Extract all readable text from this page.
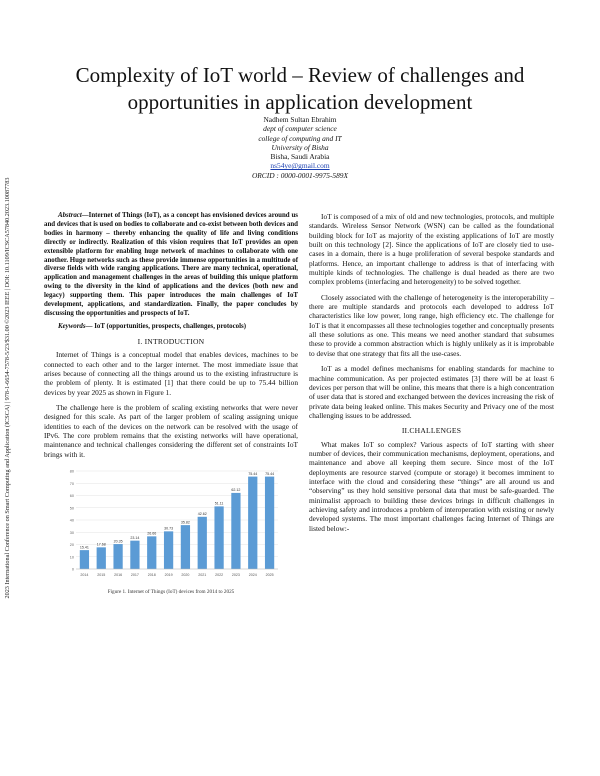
2023 International Conference on Smart Computing and Application (ICSCA) | 978-1-6654-7578-5/23/$31.00 ©2023 IEEE | DOI: 10.1109/ICSCA57840.2023.10087783
Complexity of IoT world – Review of challenges and opportunities in application development
Nadhem Sultan Ebrahim
dept of computer science
college of computing and IT
University of Bisha
Bisha, Saudi Arabia
ns54ye@gmail.com
ORCID : 0000-0001-9975-589X

Abstract—Internet of Things (IoT), as a concept has envisioned devices around us and devices that is used on bodies to collaborate and co-exist between both devices and bodies in harmony – thereby enhancing the quality of life and living conditions directly or indirectly. Realization of this vision requires that IoT provides an open extensible platform for enabling huge network of machines to collaborate with one another. Huge networks such as these provide immense opportunities in a multitude of diverse fields with wide ranging applications. There are many technical, operational, application and management challenges in the areas of building this unique platform owing to the diversity in the kind of applications and the devices (both new and legacy) supporting them. This paper introduces the main challenges of IoT development, applications, and standardization. Finally, the paper concludes by discussing the opportunities and prospects of IoT.

Keywords— IoT (opportunities, prospects, challenges, protocols)

I. INTRODUCTION

Internet of Things is a conceptual model that enables devices, machines to be connected to each other and to the larger internet. The most immediate issue that arises because of connecting all the things around us to the existing infrastructure is the problem of plenty. It is estimated [1] that there could be up to 75.44 billion devices by year 2025 as shown in Figure 1.

The challenge here is the problem of scaling existing networks that were never designed for this scale. As part of the larger problem of scaling assigning unique identities to each of the devices on the network can be resolved with the usage of IPv6. The core problem remains that the existing networks will have operational, maintenance and technical challenges considering the different set of constraints IoT brings with it.

0
10
20
30
40
50
60
70
80
15.41
2014
17.68
2015
20.35
2016
23.14
2017
26.66
2018
30.73
2019
35.82
2020
42.62
2021
51.11
2022
62.12
2023
75.44
2024
75.44
2025
Figure 1. Internet of Things (IoT) devices from 2014 to 2025

IoT is composed of a mix of old and new technologies, protocols, and multiple standards. Wireless Sensor Network (WSN) can be called as the foundational building block for IoT as majority of the existing applications of IoT are mostly built on this technology [2]. Since the applications of IoT are closely tied to use-cases in a domain, there is a huge proliferation of several bespoke standards and platforms. Hence, an important challenge to address is that of interfacing with multiple kinds of technologies. The challenge is dual headed as there are two complex problems (interfacing and heterogeneity) to be solved together.

Closely associated with the challenge of heterogeneity is the interoperability – there are multiple standards and protocols each developed to address IoT characteristics like low power, long range, high efficiency etc. The challenge for IoT is that it encompasses all these technologies together and conceptually presents all these solutions as one. This means we need another standard that subsumes these to provide a common abstraction which is highly unlikely as it is improbable to devise that one strategy that fits all the use-cases.

IoT as a model defines mechanisms for enabling standards for machine to machine communication. As per projected estimates [3] there will be at least 6 devices per person that will be online, this means that there is a high concentration of user data that is stored and exchanged between the devices increasing the risk of private data being leaked online. This makes Security and Privacy one of the most challenging issues to be addressed.

II.CHALLENGES

What makes IoT so complex? Various aspects of IoT starting with sheer number of devices, their communication mechanisms, deployment, operations, and maintenance and above all keeping them secure. Since most of the IoT deployments are resource starved (compute or storage) it becomes imminent to interface with the cloud and considering these “things” are all around us and “observing” us they hold sensitive personal data that must be safe-guarded. The minimalist approach to building these devices brings in difficult challenges in achieving safety and introduces a problem of interoperation with existing or newly developed systems. The most important challenges facing Internet of Things are listed below:-
